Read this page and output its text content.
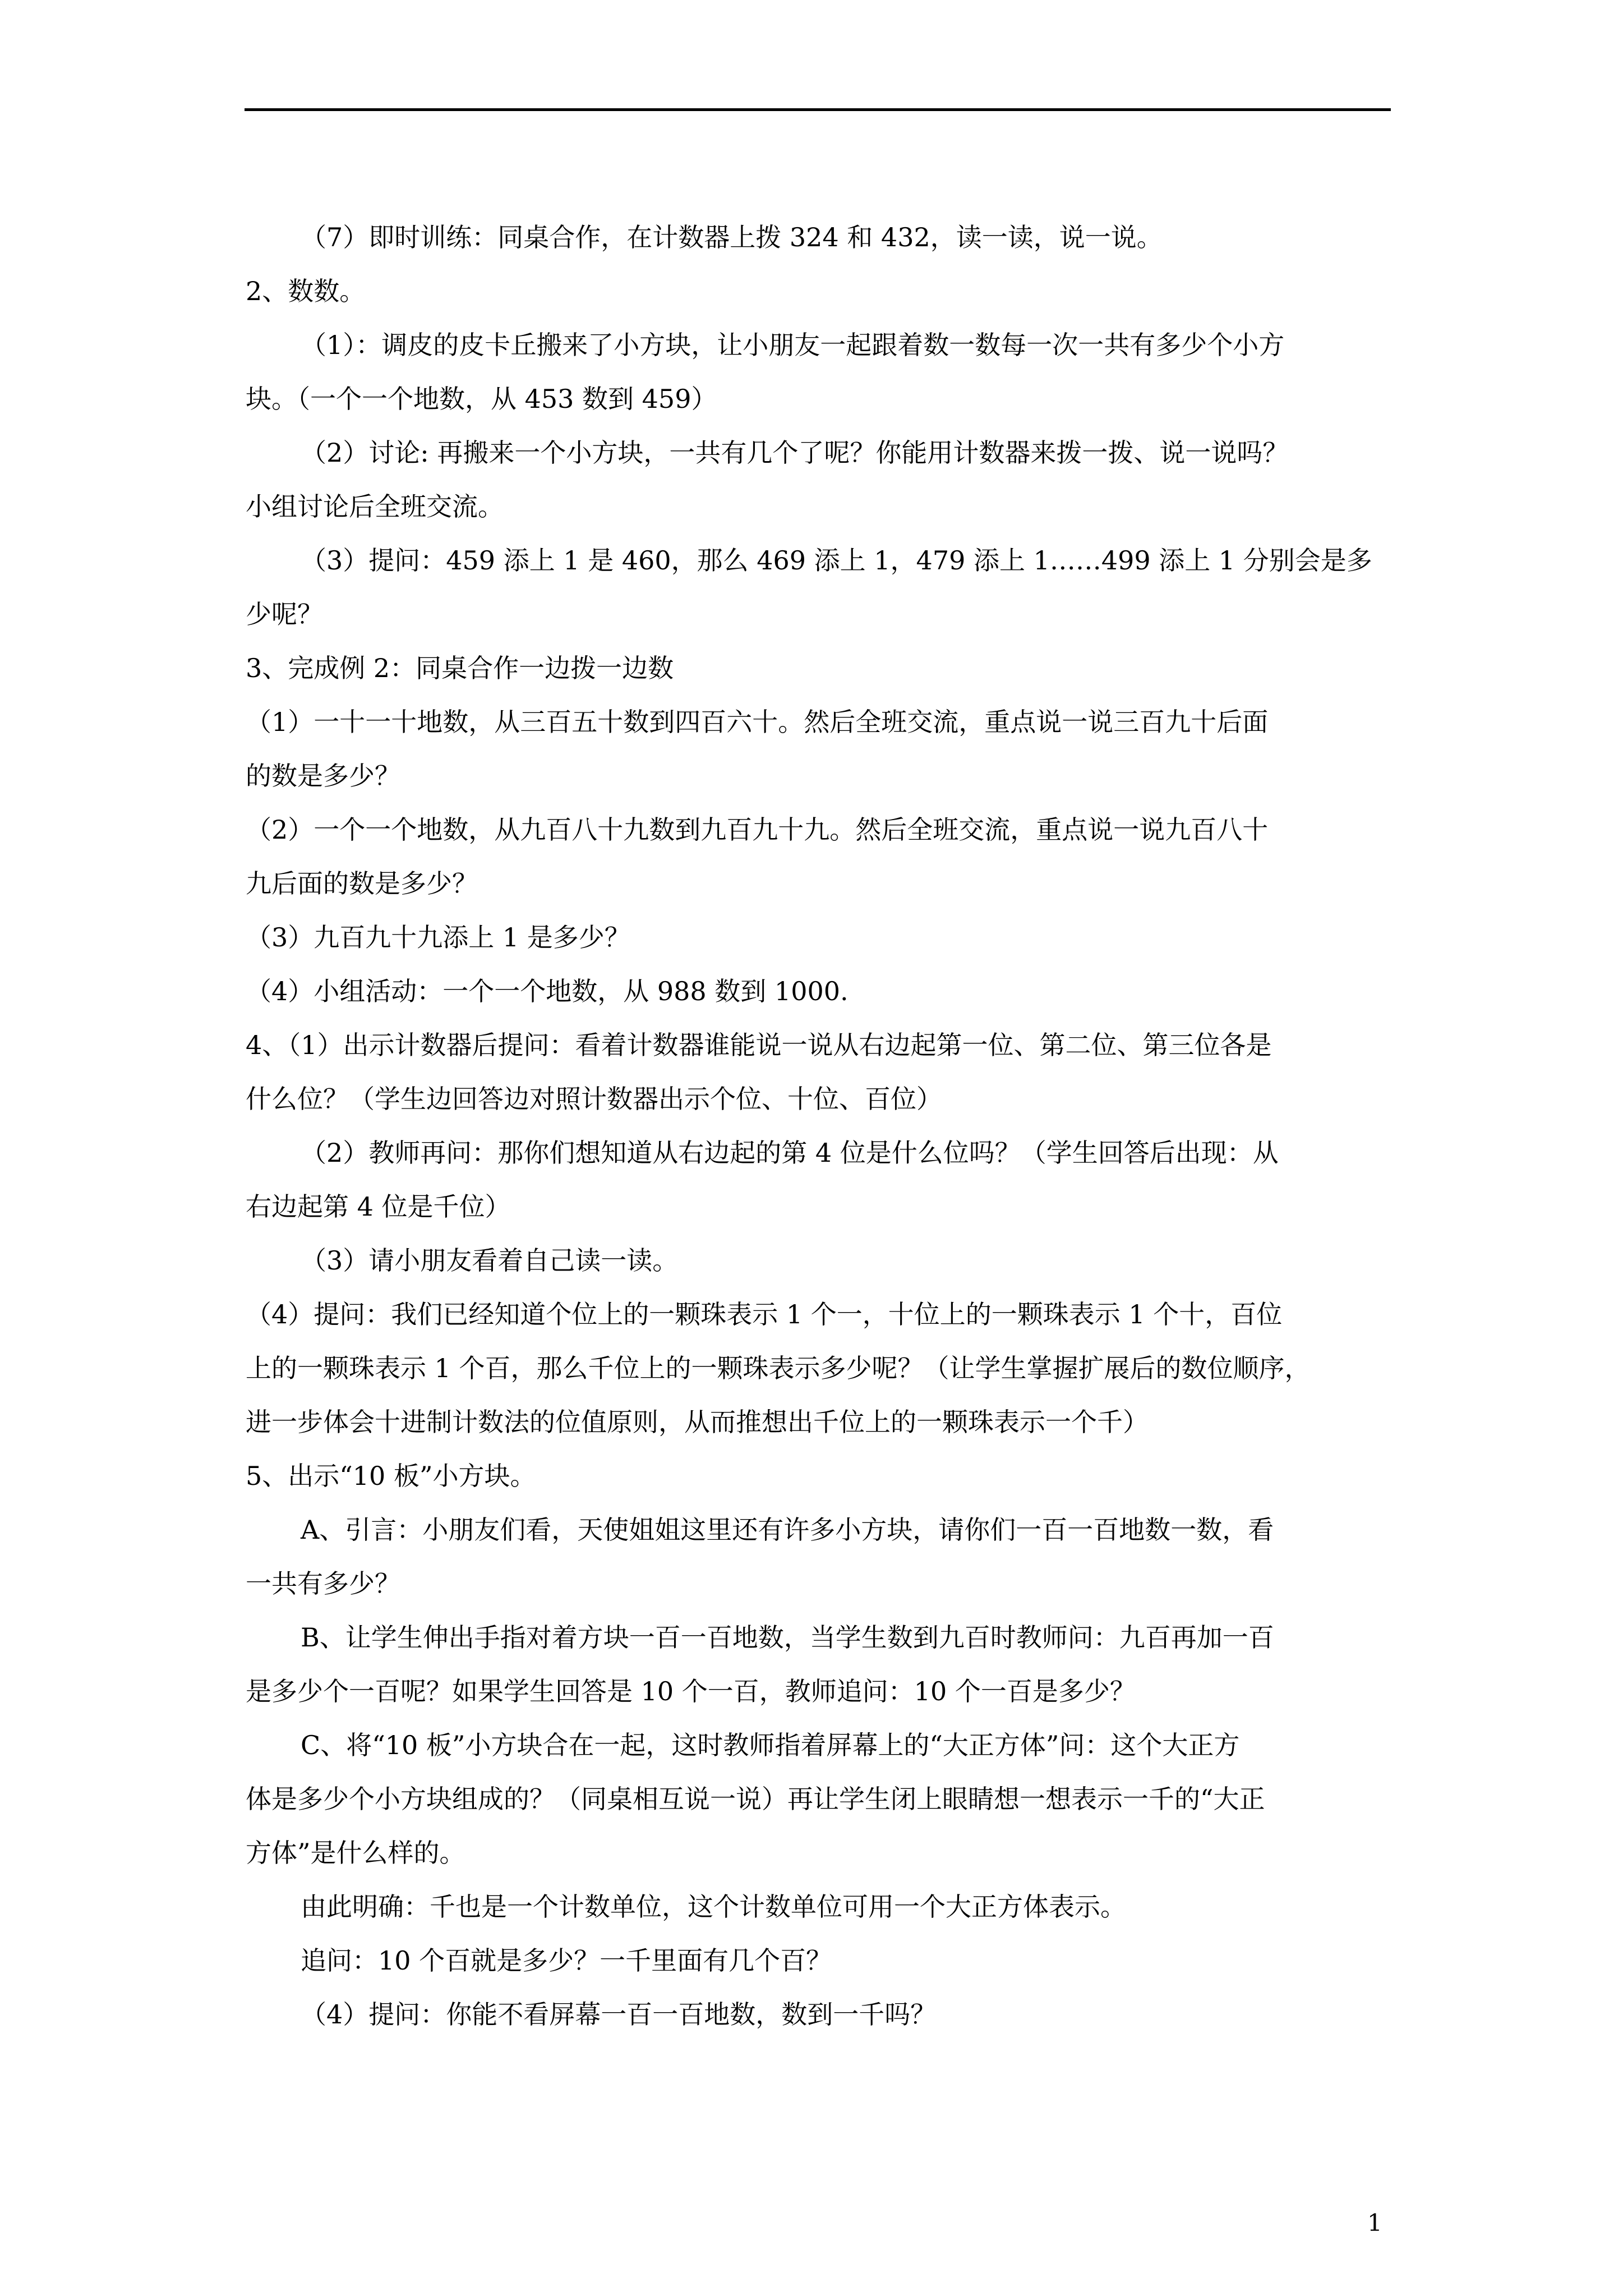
（7）即时训练：同桌合作，在计数器上拨 324 和 432，读一读，说一说。
2、数数。
（1）：调皮的皮卡丘搬来了小方块，让小朋友一起跟着数一数每一次一共有多少个小方
块。（一个一个地数，从 453 数到 459）
（2）讨论: 再搬来一个小方块，一共有几个了呢？你能用计数器来拨一拨、说一说吗？
小组讨论后全班交流。
（3）提问：459 添上 1 是 460，那么 469 添上 1，479 添上 1……499 添上 1 分别会是多
少呢？
3、完成例 2：同桌合作一边拨一边数
（1）一十一十地数，从三百五十数到四百六十。然后全班交流，重点说一说三百九十后面
的数是多少？
（2）一个一个地数，从九百八十九数到九百九十九。然后全班交流，重点说一说九百八十
九后面的数是多少？
（3）九百九十九添上 1 是多少？
（4）小组活动：一个一个地数，从 988 数到 1000.
4、（1）出示计数器后提问：看着计数器谁能说一说从右边起第一位、第二位、第三位各是
什么位？（学生边回答边对照计数器出示个位、十位、百位）
（2）教师再问：那你们想知道从右边起的第 4 位是什么位吗？（学生回答后出现：从
右边起第 4 位是千位）
（3）请小朋友看着自己读一读。
（4）提问：我们已经知道个位上的一颗珠表示 1 个一，十位上的一颗珠表示 1 个十，百位
上的一颗珠表示 1 个百，那么千位上的一颗珠表示多少呢？（让学生掌握扩展后的数位顺序，
进一步体会十进制计数法的位值原则，从而推想出千位上的一颗珠表示一个千）
5、出示“10 板”小方块。
A、引言：小朋友们看，天使姐姐这里还有许多小方块，请你们一百一百地数一数，看
一共有多少？
B、让学生伸出手指对着方块一百一百地数，当学生数到九百时教师问：九百再加一百
是多少个一百呢？如果学生回答是 10 个一百，教师追问：10 个一百是多少？
C、将“10 板”小方块合在一起，这时教师指着屏幕上的“大正方体”问：这个大正方
体是多少个小方块组成的？（同桌相互说一说）再让学生闭上眼睛想一想表示一千的“大正
方体”是什么样的。
由此明确：千也是一个计数单位，这个计数单位可用一个大正方体表示。
追问：10 个百就是多少？一千里面有几个百？
（4）提问：你能不看屏幕一百一百地数，数到一千吗？
1
